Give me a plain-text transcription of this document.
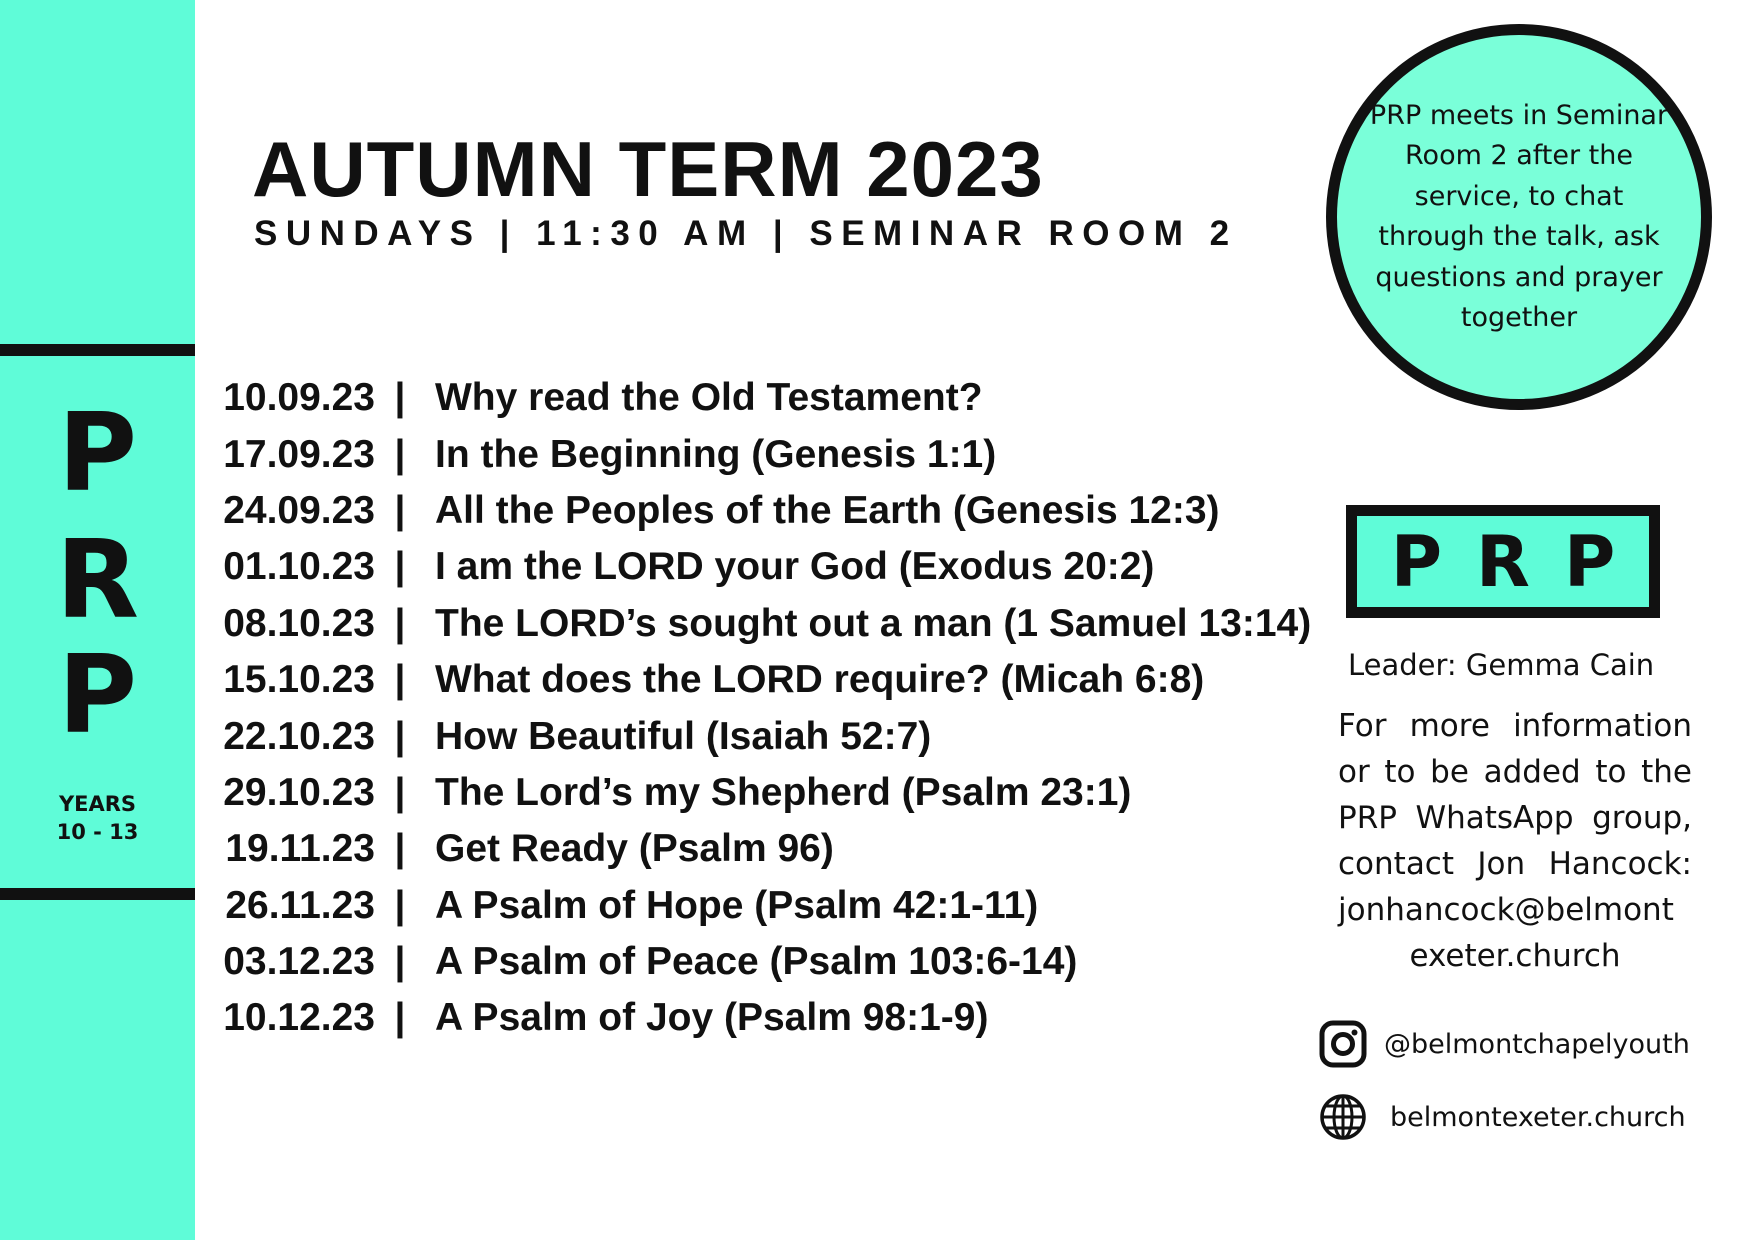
P
R
P
YEARS
10 - 13
AUTUMN TERM 2023
SUNDAYS | 11:30 AM | SEMINAR ROOM 2
10.09.23 | Why read the Old Testament?
17.09.23 | In the Beginning (Genesis 1:1)
24.09.23 | All the Peoples of the Earth (Genesis 12:3)
01.10.23 | I am the LORD your God (Exodus 20:2)
08.10.23 | The LORD’s sought out a man (1 Samuel 13:14)
15.10.23 | What does the LORD require? (Micah 6:8)
22.10.23 | How Beautiful (Isaiah 52:7)
29.10.23 | The Lord’s my Shepherd (Psalm 23:1)
19.11.23 | Get Ready (Psalm 96)
26.11.23 | A Psalm of Hope (Psalm 42:1-11)
03.12.23 | A Psalm of Peace (Psalm 103:6-14)
10.12.23 | A Psalm of Joy (Psalm 98:1-9)
PRP meets in Seminar Room 2 after the service, to chat through the talk, ask questions and prayer together
PRP
Leader: Gemma Cain
For more information or to be added to the PRP WhatsApp group, contact Jon Hancock: jonhancock@belmont exeter.church
@belmontchapelyouth
belmontexeter.church
